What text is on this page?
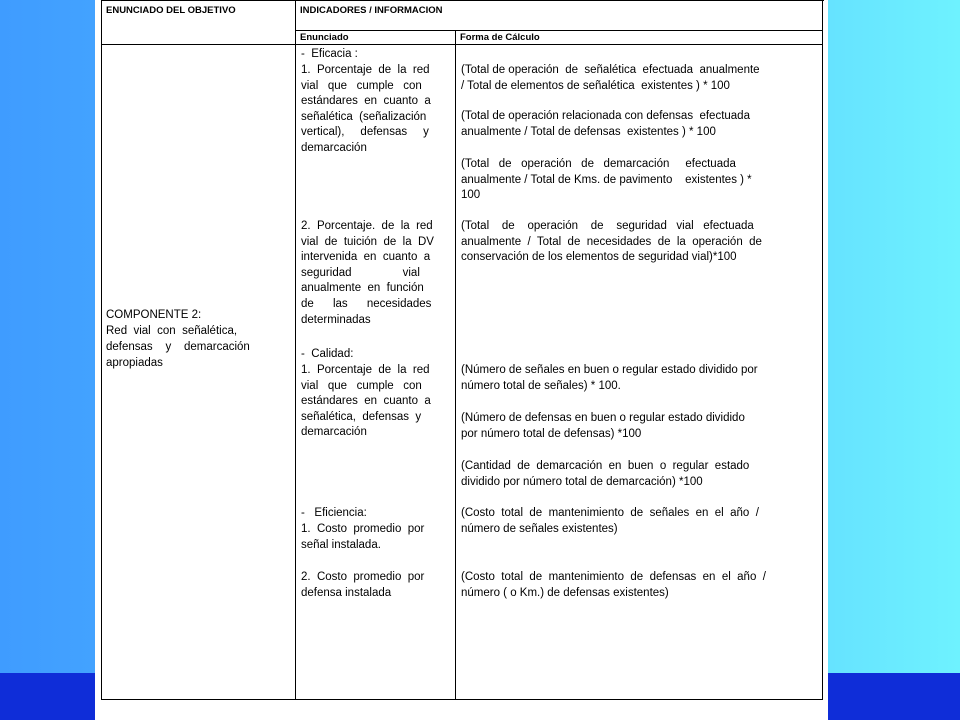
ENUNCIADO DEL OBJETIVO	INDICADORES / INFORMACION
Enunciado	Forma de Cálculo
COMPONENTE 2:
Red  vial  con  señalética,
defensas    y    demarcación
apropiadas
-  Eficacia :
1.  Porcentaje  de  la  red
vial   que   cumple   con
estándares  en  cuanto  a
señalética  (señalización
vertical),     defensas     y
demarcación
2.  Porcentaje.  de  la  red
vial  de  tuición  de  la  DV
intervenida  en  cuanto  a
seguridad                vial
anualmente  en  función
de      las      necesidades
determinadas
-  Calidad:
1.  Porcentaje  de  la  red
vial   que   cumple   con
estándares  en  cuanto  a
señalética,  defensas  y
demarcación
-   Eficiencia:
1.  Costo  promedio  por
señal instalada.
2.  Costo  promedio  por
defensa instalada
(Total de operación  de  señalética  efectuada  anualmente
/ Total de elementos de señalética  existentes ) * 100
(Total de operación relacionada con defensas  efectuada
anualmente / Total de defensas  existentes ) * 100
(Total   de   operación   de   demarcación     efectuada
anualmente / Total de Kms. de pavimento    existentes ) *
100
(Total    de    operación    de    seguridad   vial   efectuada
anualmente  /  Total  de  necesidades  de  la  operación  de
conservación de los elementos de seguridad vial)*100
(Número de señales en buen o regular estado dividido por
número total de señales) * 100.
(Número de defensas en buen o regular estado dividido
por número total de defensas) *100
(Cantidad  de  demarcación  en  buen  o  regular  estado
dividido por número total de demarcación) *100
(Costo  total  de  mantenimiento  de  señales  en  el  año  /
número de señales existentes)
(Costo  total  de  mantenimiento  de  defensas  en  el  año  /
número ( o Km.) de defensas existentes)
